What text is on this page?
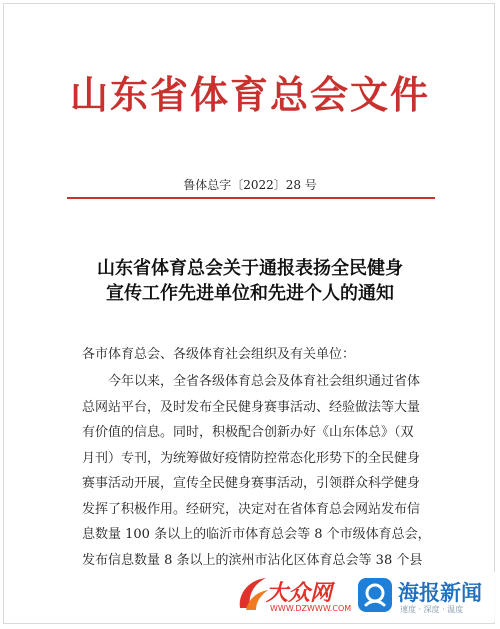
山东省体育总会文件
鲁体总字〔2022〕28 号
山东省体育总会关于通报表扬全民健身
宣传工作先进单位和先进个人的通知
各市体育总会、各级体育社会组织及有关单位：
今年以来，全省各级体育总会及体育社会组织通过省体
总网站平台，及时发布全民健身赛事活动、经验做法等大量
有价值的信息。同时，积极配合创新办好《山东体总》（双
月刊）专刊，为统筹做好疫情防控常态化形势下的全民健身
赛事活动开展，宣传全民健身赛事活动，引领群众科学健身
发挥了积极作用。经研究，决定对在省体育总会网站发布信
息数量 100 条以上的临沂市体育总会等 8 个市级体育总会，
发布信息数量 8 条以上的滨州市沾化区体育总会等 38 个县
大众网
WWW.DZWWW.COM
海报新闻
速度 · 深度 · 温度
